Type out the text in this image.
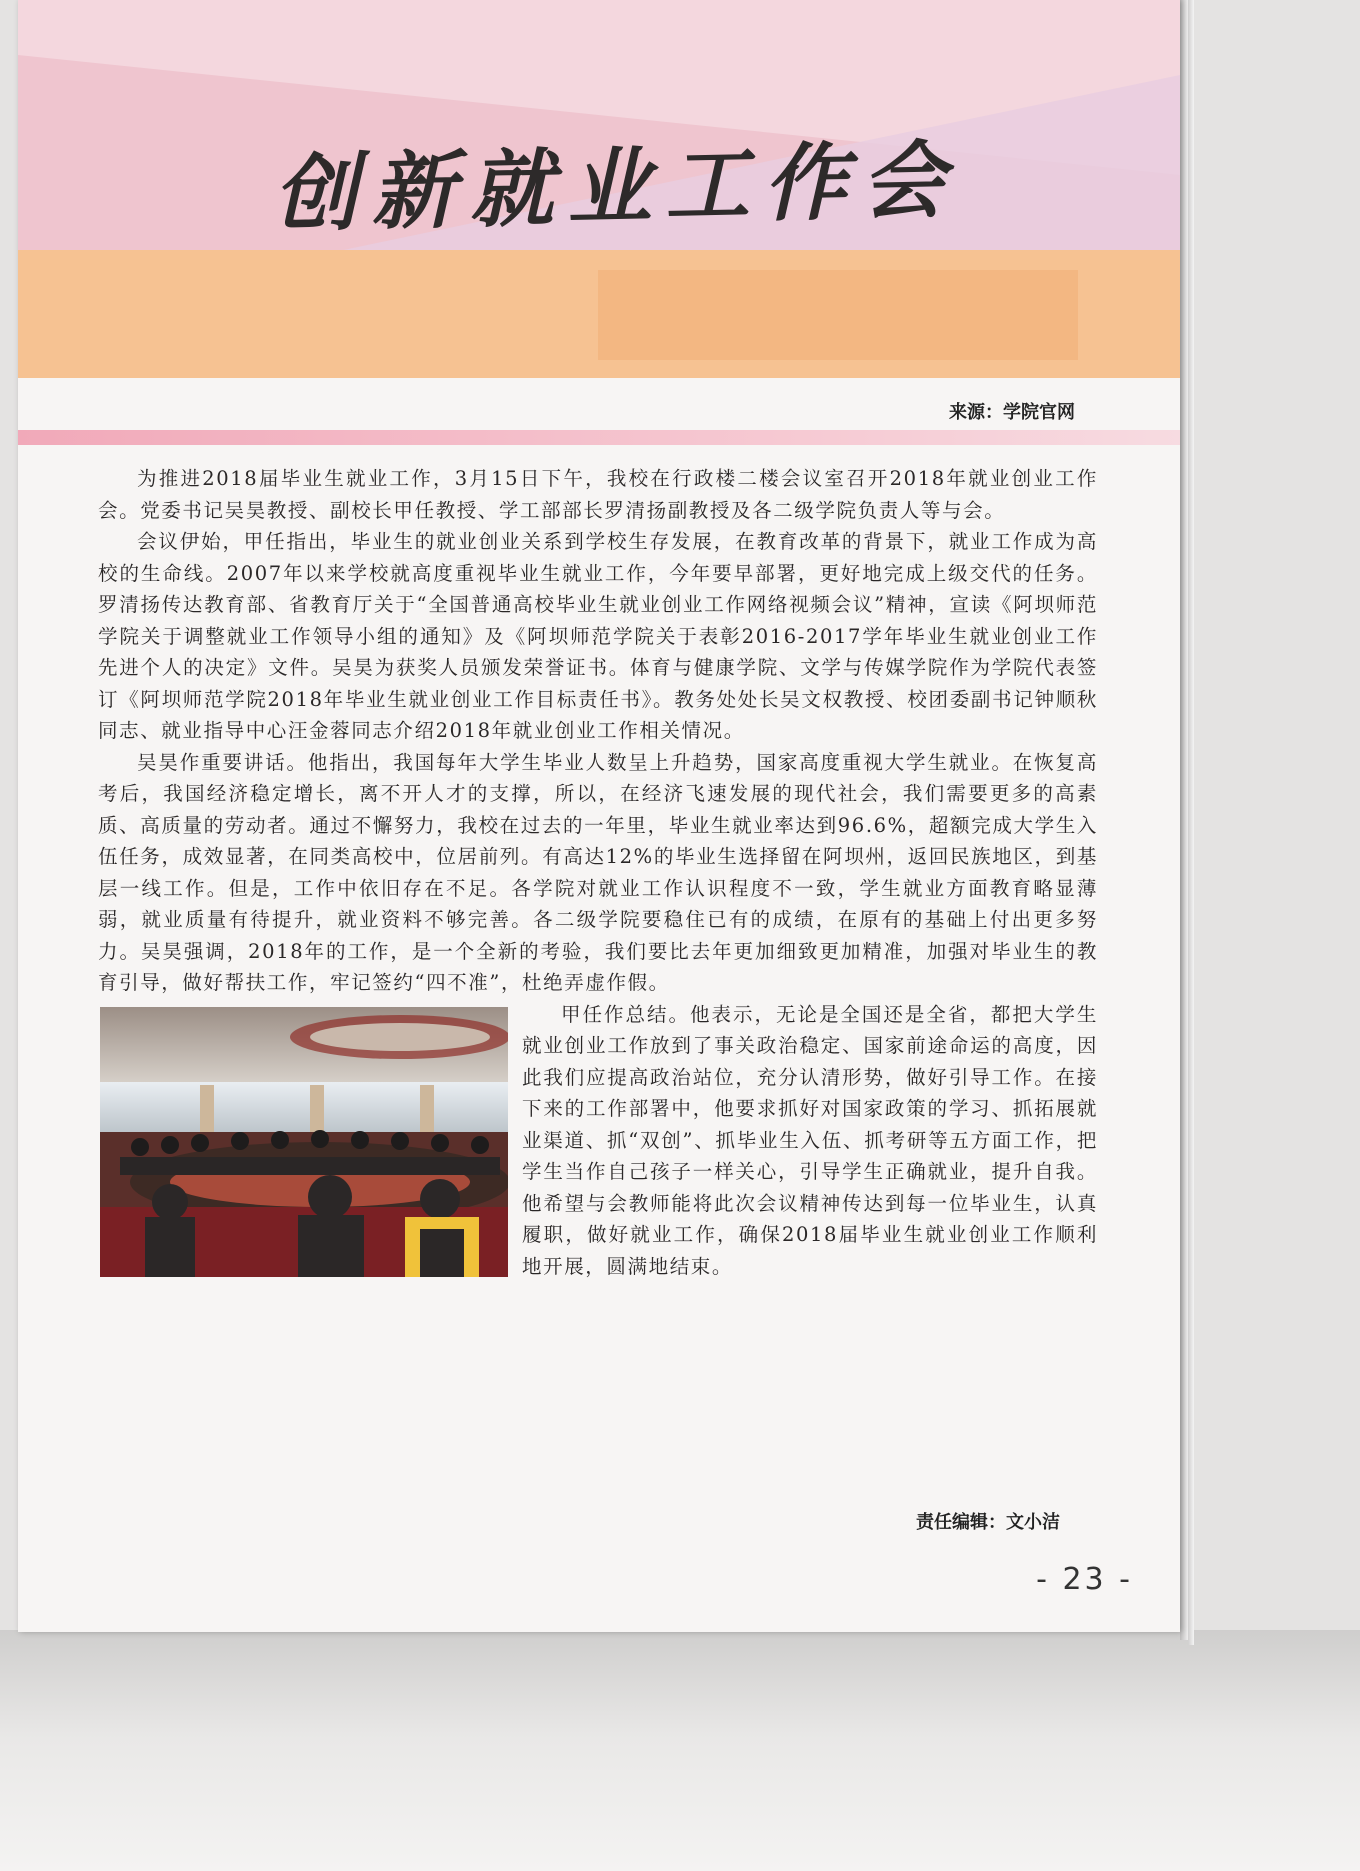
创新就业工作会
来源：学院官网

为推进2018届毕业生就业工作，3月15日下午，我校在行政楼二楼会议室召开2018年就业创业工作会。党委书记吴昊教授、副校长甲任教授、学工部部长罗清扬副教授及各二级学院负责人等与会。

会议伊始，甲任指出，毕业生的就业创业关系到学校生存发展，在教育改革的背景下，就业工作成为高校的生命线。2007年以来学校就高度重视毕业生就业工作，今年要早部署，更好地完成上级交代的任务。罗清扬传达教育部、省教育厅关于“全国普通高校毕业生就业创业工作网络视频会议”精神，宣读《阿坝师范学院关于调整就业工作领导小组的通知》及《阿坝师范学院关于表彰2016-2017学年毕业生就业创业工作先进个人的决定》文件。吴昊为获奖人员颁发荣誉证书。体育与健康学院、文学与传媒学院作为学院代表签订《阿坝师范学院2018年毕业生就业创业工作目标责任书》。教务处处长吴文权教授、校团委副书记钟顺秋同志、就业指导中心汪金蓉同志介绍2018年就业创业工作相关情况。

吴昊作重要讲话。他指出，我国每年大学生毕业人数呈上升趋势，国家高度重视大学生就业。在恢复高考后，我国经济稳定增长，离不开人才的支撑，所以，在经济飞速发展的现代社会，我们需要更多的高素质、高质量的劳动者。通过不懈努力，我校在过去的一年里，毕业生就业率达到96.6%，超额完成大学生入伍任务，成效显著，在同类高校中，位居前列。有高达12%的毕业生选择留在阿坝州，返回民族地区，到基层一线工作。但是，工作中依旧存在不足。各学院对就业工作认识程度不一致，学生就业方面教育略显薄弱，就业质量有待提升，就业资料不够完善。各二级学院要稳住已有的成绩，在原有的基础上付出更多努力。吴昊强调，2018年的工作，是一个全新的考验，我们要比去年更加细致更加精准，加强对毕业生的教育引导，做好帮扶工作，牢记签约“四不准”，杜绝弄虚作假。

甲任作总结。他表示，无论是全国还是全省，都把大学生就业创业工作放到了事关政治稳定、国家前途命运的高度，因此我们应提高政治站位，充分认清形势，做好引导工作。在接下来的工作部署中，他要求抓好对国家政策的学习、抓拓展就业渠道、抓“双创”、抓毕业生入伍、抓考研等五方面工作，把学生当作自己孩子一样关心，引导学生正确就业，提升自我。他希望与会教师能将此次会议精神传达到每一位毕业生，认真履职，做好就业工作，确保2018届毕业生就业创业工作顺利地开展，圆满地结束。

责任编辑：文小洁
- 23 -
